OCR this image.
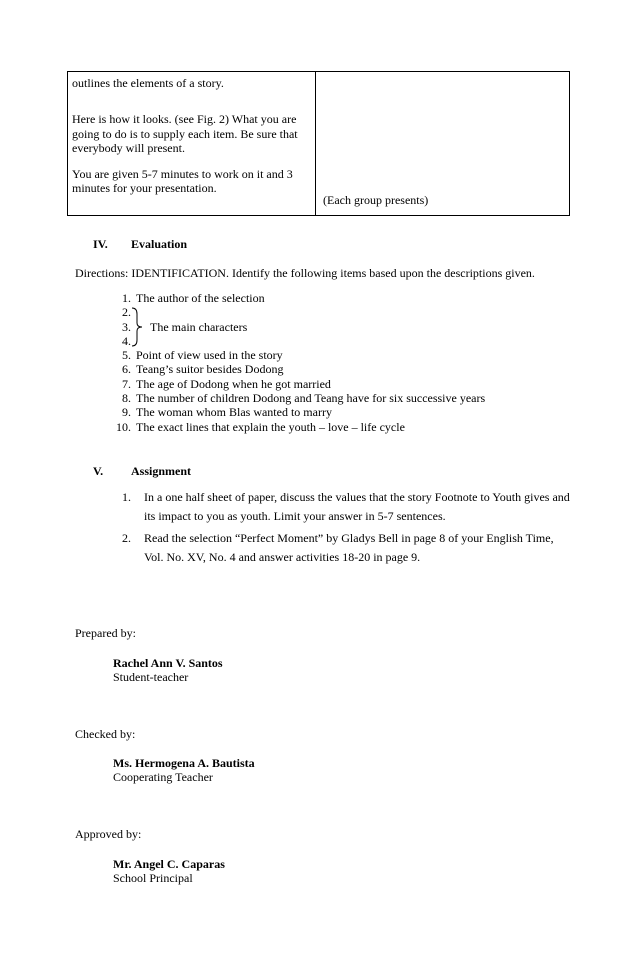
outlines the elements of a story.

Here is how it looks. (see Fig. 2) What you are going to do is to supply each item. Be sure that everybody will present.

You are given 5-7 minutes to work on it and 3 minutes for your presentation.

(Each group presents)
IV. Evaluation
Directions: IDENTIFICATION. Identify the following items based upon the descriptions given.
1. The author of the selection
2.
3.
4.
5. Point of view used in the story
6. Teang’s suitor besides Dodong
7. The age of Dodong when he got married
8. The number of children Dodong and Teang have for six successive years
9. The woman whom Blas wanted to marry
10. The exact lines that explain the youth – love – life cycle
The main characters
V. Assignment
1. In a one half sheet of paper, discuss the values that the story Footnote to Youth gives and its impact to you as youth. Limit your answer in 5-7 sentences.
2. Read the selection “Perfect Moment” by Gladys Bell in page 8 of your English Time, Vol. No. XV, No. 4 and answer activities 18-20 in page 9.
Prepared by:
Rachel Ann V. Santos
Student-teacher
Checked by:
Ms. Hermogena A. Bautista
Cooperating Teacher
Approved by:
Mr. Angel C. Caparas
School Principal
